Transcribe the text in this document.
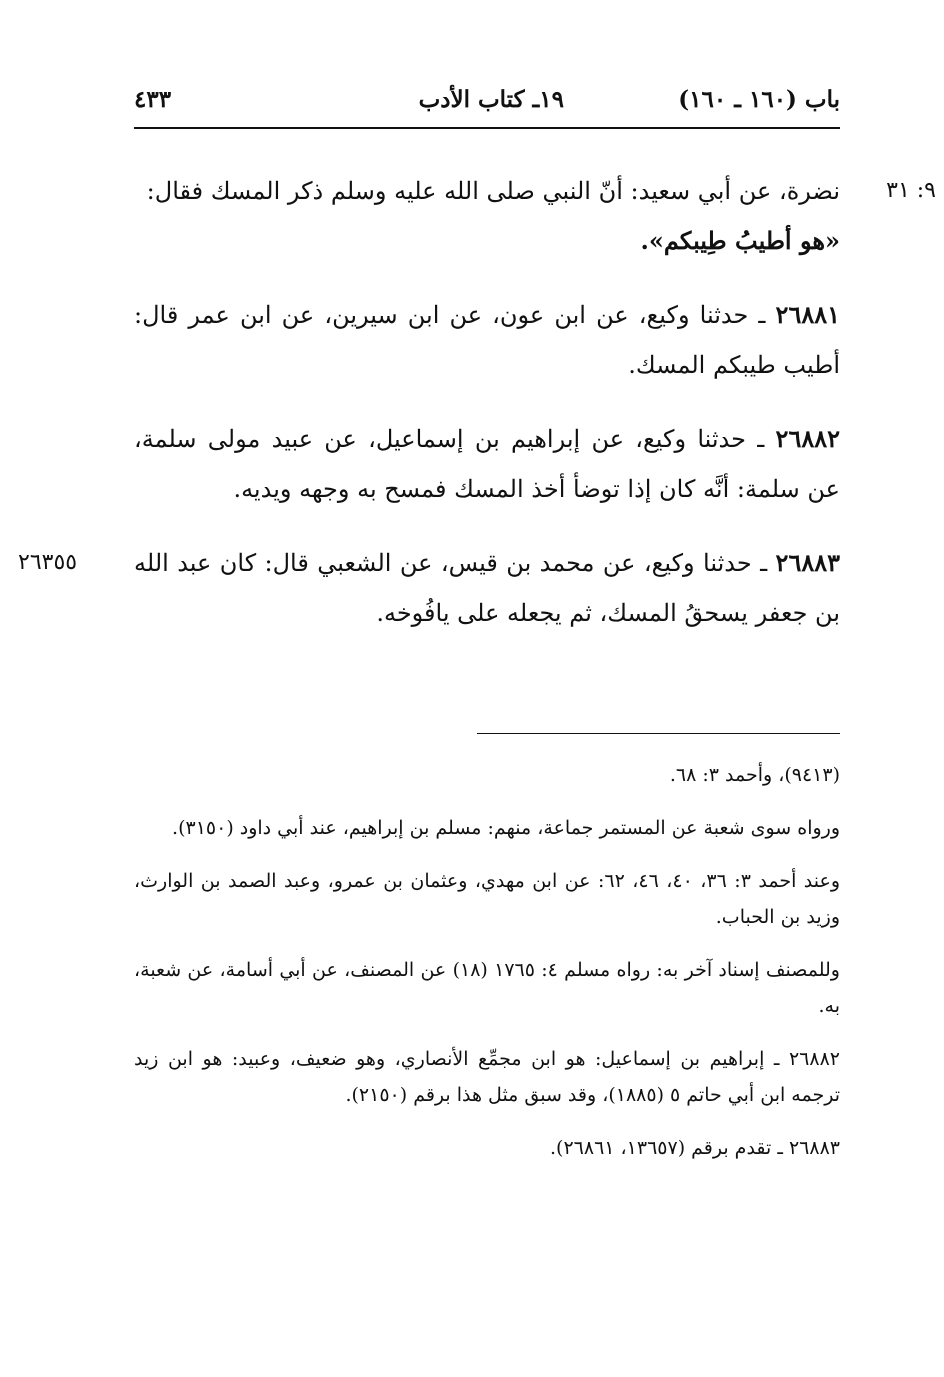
باب (١٦٠ ـ ١٦٠)
١٩ـ كتاب الأدب
٤٣٣
٩: ٣١
نضرة، عن أبي سعيد: أنّ النبي صلى الله عليه وسلم ذكر المسك فقال:
«هو أطيبُ طِيبكم».
٢٦٨٨١ ـ حدثنا وكيع، عن ابن عون، عن ابن سيرين، عن ابن عمر قال: أطيب طيبكم المسك.
٢٦٨٨٢ ـ حدثنا وكيع، عن إبراهيم بن إسماعيل، عن عبيد مولى سلمة، عن سلمة: أنَّه كان إذا توضأ أخذ المسك فمسح به وجهه ويديه.
٢٦٣٥٥	٢٦٨٨٣ ـ حدثنا وكيع، عن محمد بن قيس، عن الشعبي قال: كان عبد الله بن جعفر يسحقُ المسك، ثم يجعله على يافُوخه.
(٩٤١٣)، وأحمد ٣: ٦٨.
ورواه سوى شعبة عن المستمر جماعة، منهم: مسلم بن إبراهيم، عند أبي داود (٣١٥٠).
وعند أحمد ٣: ٣٦، ٤٠، ٤٦، ٦٢: عن ابن مهدي، وعثمان بن عمرو، وعبد الصمد بن الوارث، وزيد بن الحباب.
وللمصنف إسناد آخر به: رواه مسلم ٤: ١٧٦٥ (١٨) عن المصنف، عن أبي أسامة، عن شعبة، به.
٢٦٨٨٢ ـ إبراهيم بن إسماعيل: هو ابن مجمِّع الأنصاري، وهو ضعيف، وعبيد: هو ابن زيد ترجمه ابن أبي حاتم ٥ (١٨٨٥)، وقد سبق مثل هذا برقم (٢١٥٠).
٢٦٨٨٣ ـ تقدم برقم (١٣٦٥٧، ٢٦٨٦١).
